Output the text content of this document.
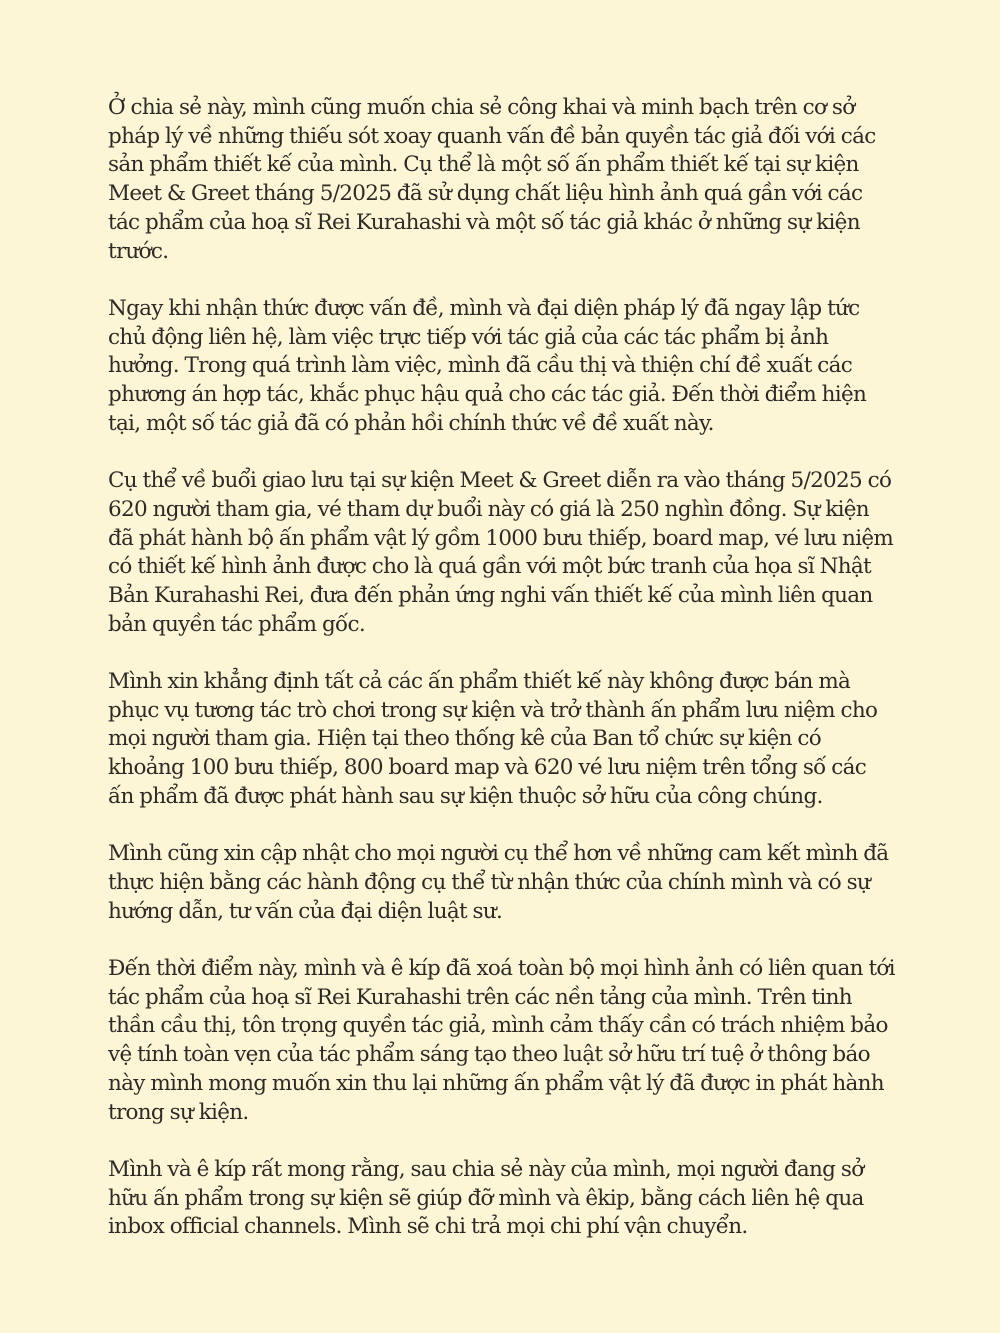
Ở chia sẻ này, mình cũng muốn chia sẻ công khai và minh bạch trên cơ sở
pháp lý về những thiếu sót xoay quanh vấn đề bản quyền tác giả đối với các
sản phẩm thiết kế của mình. Cụ thể là một số ấn phẩm thiết kế tại sự kiện
Meet & Greet tháng 5/2025 đã sử dụng chất liệu hình ảnh quá gần với các
tác phẩm của hoạ sĩ Rei Kurahashi và một số tác giả khác ở những sự kiện
trước.

Ngay khi nhận thức được vấn đề, mình và đại diện pháp lý đã ngay lập tức
chủ động liên hệ, làm việc trực tiếp với tác giả của các tác phẩm bị ảnh
hưởng. Trong quá trình làm việc, mình đã cầu thị và thiện chí đề xuất các
phương án hợp tác, khắc phục hậu quả cho các tác giả. Đến thời điểm hiện
tại, một số tác giả đã có phản hồi chính thức về đề xuất này.

Cụ thể về buổi giao lưu tại sự kiện Meet & Greet diễn ra vào tháng 5/2025 có
620 người tham gia, vé tham dự buổi này có giá là 250 nghìn đồng. Sự kiện
đã phát hành bộ ấn phẩm vật lý gồm 1000 bưu thiếp, board map, vé lưu niệm
có thiết kế hình ảnh được cho là quá gần với một bức tranh của họa sĩ Nhật
Bản Kurahashi Rei, đưa đến phản ứng nghi vấn thiết kế của mình liên quan
bản quyền tác phẩm gốc.

Mình xin khẳng định tất cả các ấn phẩm thiết kế này không được bán mà
phục vụ tương tác trò chơi trong sự kiện và trở thành ấn phẩm lưu niệm cho
mọi người tham gia. Hiện tại theo thống kê của Ban tổ chức sự kiện có
khoảng 100 bưu thiếp, 800 board map và 620 vé lưu niệm trên tổng số các
ấn phẩm đã được phát hành sau sự kiện thuộc sở hữu của công chúng.

Mình cũng xin cập nhật cho mọi người cụ thể hơn về những cam kết mình đã
thực hiện bằng các hành động cụ thể từ nhận thức của chính mình và có sự
hướng dẫn, tư vấn của đại diện luật sư.

Đến thời điểm này, mình và ê kíp đã xoá toàn bộ mọi hình ảnh có liên quan tới
tác phẩm của hoạ sĩ Rei Kurahashi trên các nền tảng của mình. Trên tinh
thần cầu thị, tôn trọng quyền tác giả, mình cảm thấy cần có trách nhiệm bảo
vệ tính toàn vẹn của tác phẩm sáng tạo theo luật sở hữu trí tuệ ở thông báo
này mình mong muốn xin thu lại những ấn phẩm vật lý đã được in phát hành
trong sự kiện.

Mình và ê kíp rất mong rằng, sau chia sẻ này của mình, mọi người đang sở
hữu ấn phẩm trong sự kiện sẽ giúp đỡ mình và êkip, bằng cách liên hệ qua
inbox official channels. Mình sẽ chi trả mọi chi phí vận chuyển.
